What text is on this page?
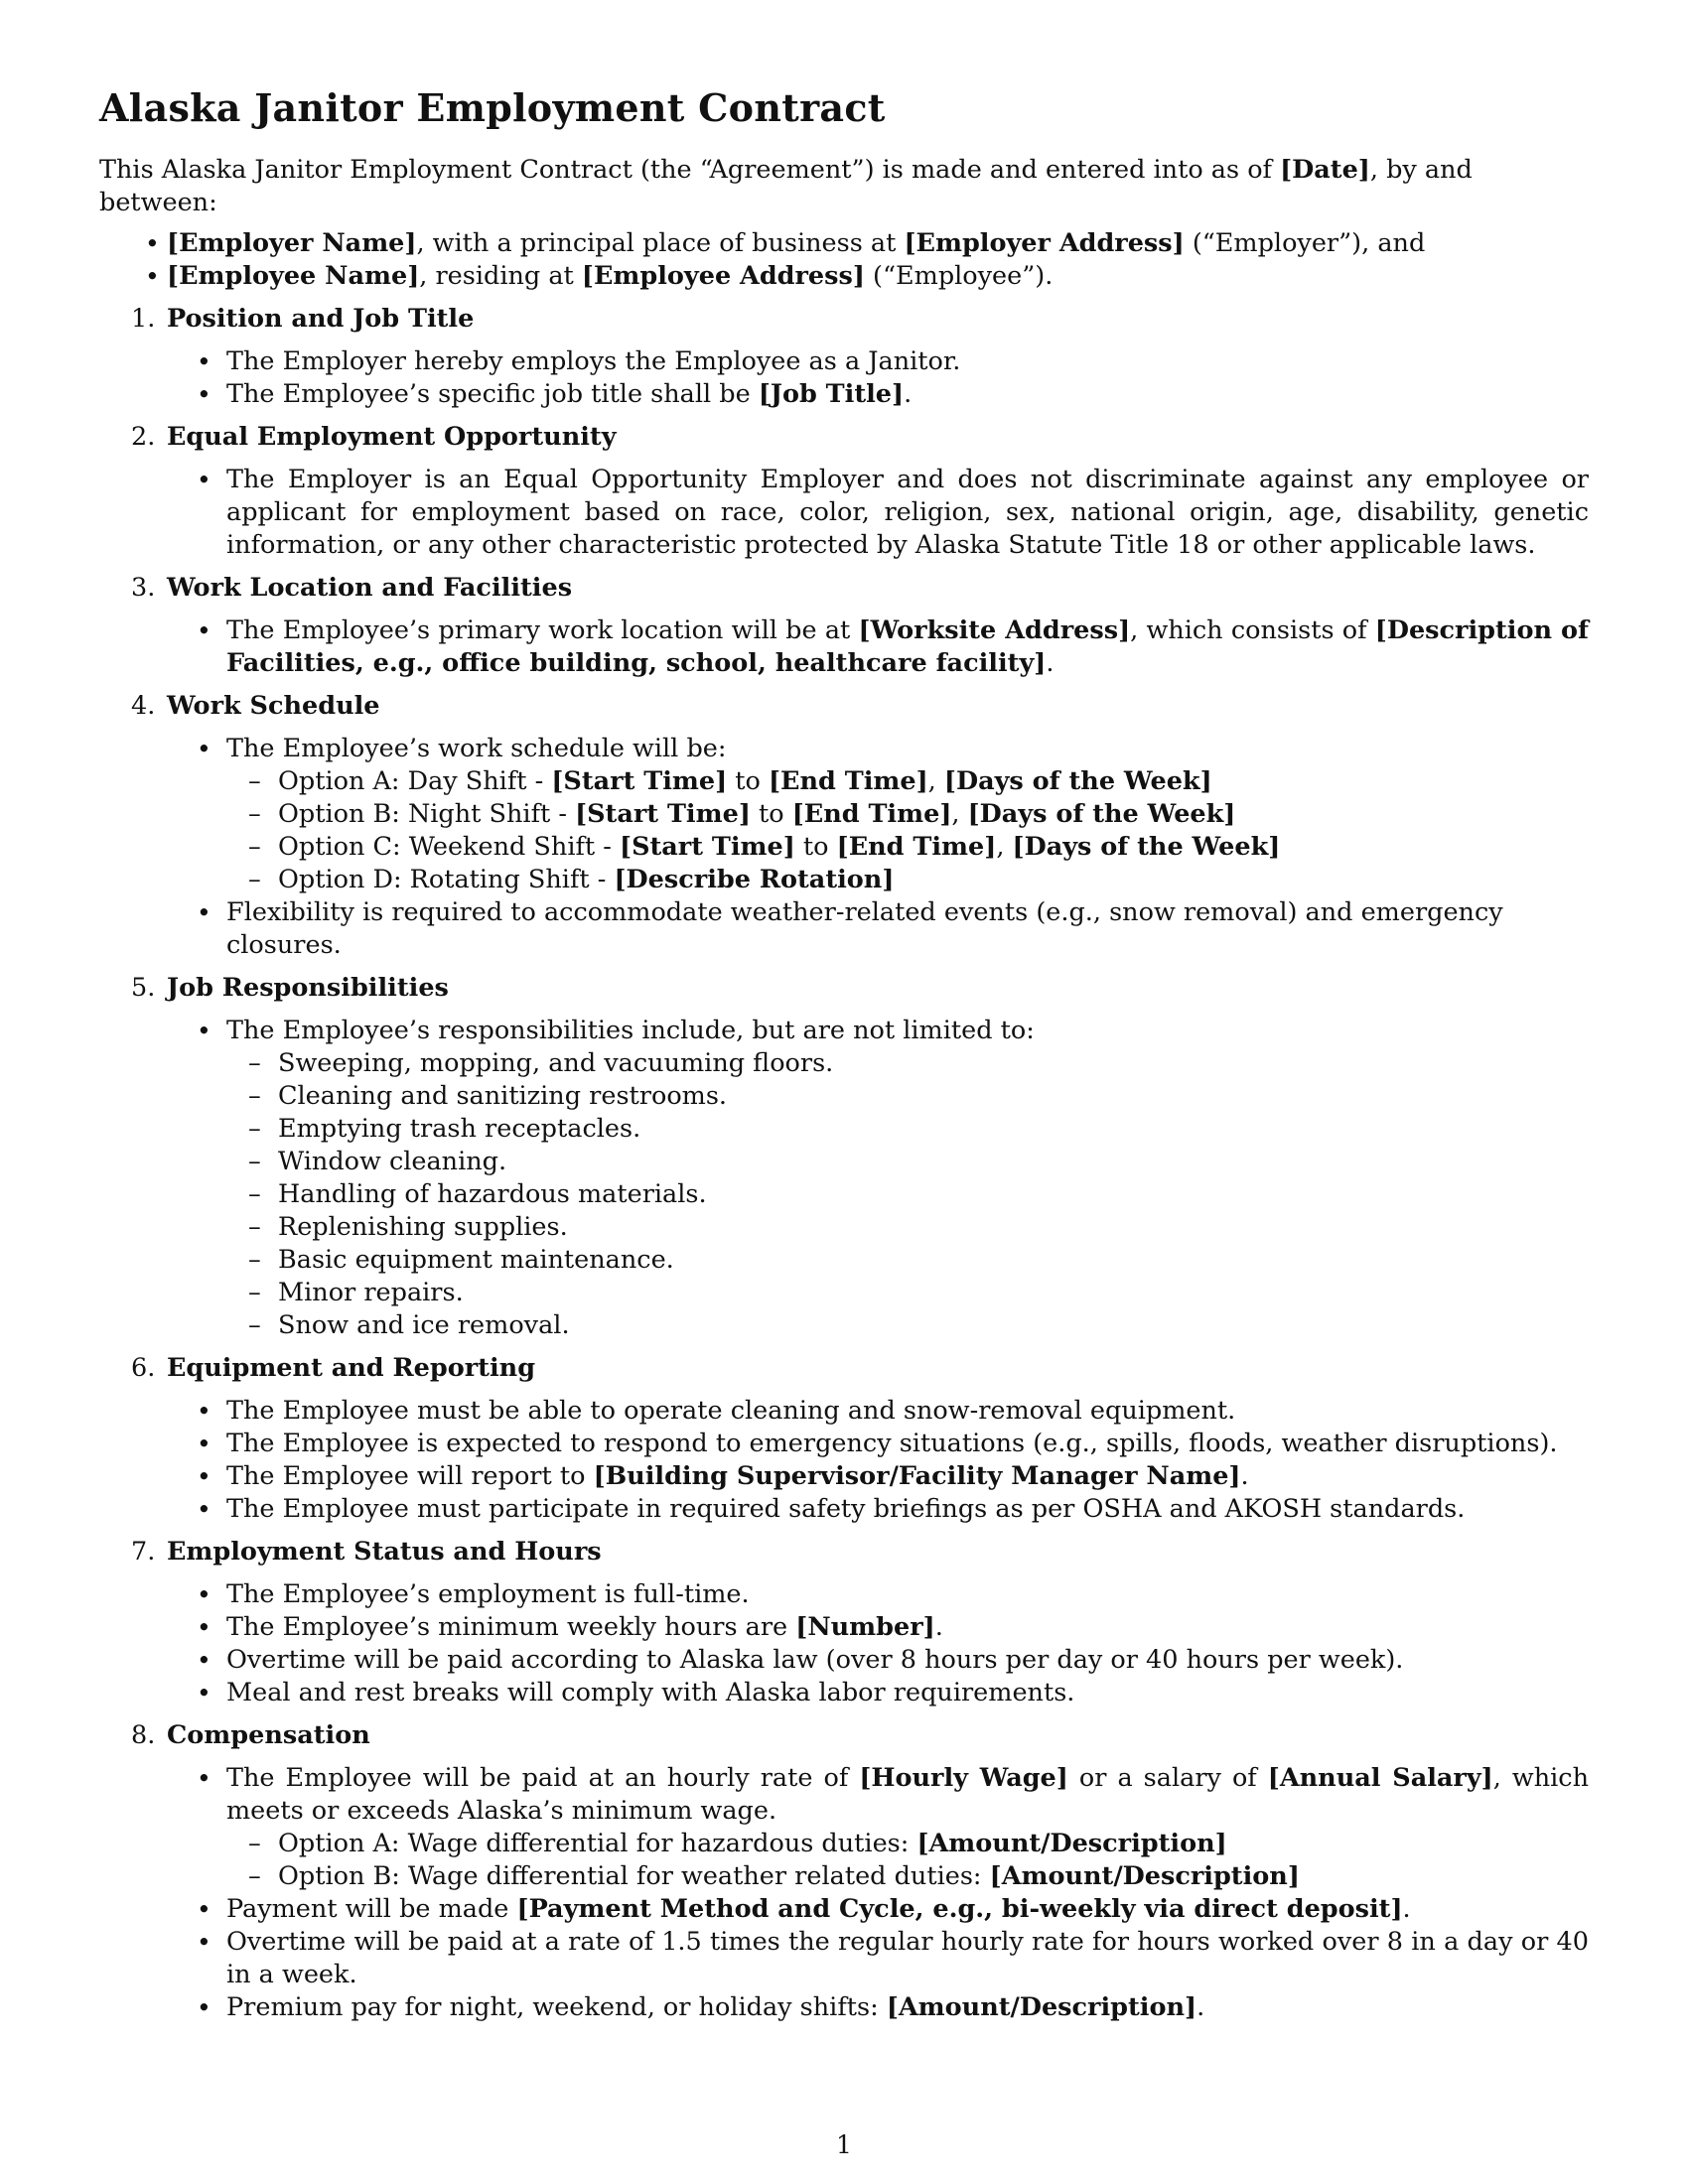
Alaska Janitor Employment Contract

This Alaska Janitor Employment Contract (the “Agreement”) is made and entered into as of [Date], by and between:

• [Employer Name], with a principal place of business at [Employer Address] (“Employer”), and
• [Employee Name], residing at [Employee Address] (“Employee”).
1. Position and Job Title
• The Employer hereby employs the Employee as a Janitor.
• The Employee’s specific job title shall be [Job Title].
2. Equal Employment Opportunity
• The Employer is an Equal Opportunity Employer and does not discriminate against any employee or applicant for employment based on race, color, religion, sex, national origin, age, disability, genetic information, or any other characteristic protected by Alaska Statute Title 18 or other applicable laws.
3. Work Location and Facilities
• The Employee’s primary work location will be at [Worksite Address], which consists of [Description of Facilities, e.g., office building, school, healthcare facility].
4. Work Schedule
• The Employee’s work schedule will be:
– Option A: Day Shift - [Start Time] to [End Time], [Days of the Week]
– Option B: Night Shift - [Start Time] to [End Time], [Days of the Week]
– Option C: Weekend Shift - [Start Time] to [End Time], [Days of the Week]
– Option D: Rotating Shift - [Describe Rotation]
• Flexibility is required to accommodate weather-related events (e.g., snow removal) and emergency closures.
5. Job Responsibilities
• The Employee’s responsibilities include, but are not limited to:
– Sweeping, mopping, and vacuuming floors.
– Cleaning and sanitizing restrooms.
– Emptying trash receptacles.
– Window cleaning.
– Handling of hazardous materials.
– Replenishing supplies.
– Basic equipment maintenance.
– Minor repairs.
– Snow and ice removal.
6. Equipment and Reporting
• The Employee must be able to operate cleaning and snow-removal equipment.
• The Employee is expected to respond to emergency situations (e.g., spills, floods, weather disruptions).
• The Employee will report to [Building Supervisor/Facility Manager Name].
• The Employee must participate in required safety briefings as per OSHA and AKOSH standards.
7. Employment Status and Hours
• The Employee’s employment is full-time.
• The Employee’s minimum weekly hours are [Number].
• Overtime will be paid according to Alaska law (over 8 hours per day or 40 hours per week).
• Meal and rest breaks will comply with Alaska labor requirements.
8. Compensation
• The Employee will be paid at an hourly rate of [Hourly Wage] or a salary of [Annual Salary], which meets or exceeds Alaska’s minimum wage.
– Option A: Wage differential for hazardous duties: [Amount/Description]
– Option B: Wage differential for weather related duties: [Amount/Description]
• Payment will be made [Payment Method and Cycle, e.g., bi-weekly via direct deposit].
• Overtime will be paid at a rate of 1.5 times the regular hourly rate for hours worked over 8 in a day or 40 in a week.
• Premium pay for night, weekend, or holiday shifts: [Amount/Description].
1
